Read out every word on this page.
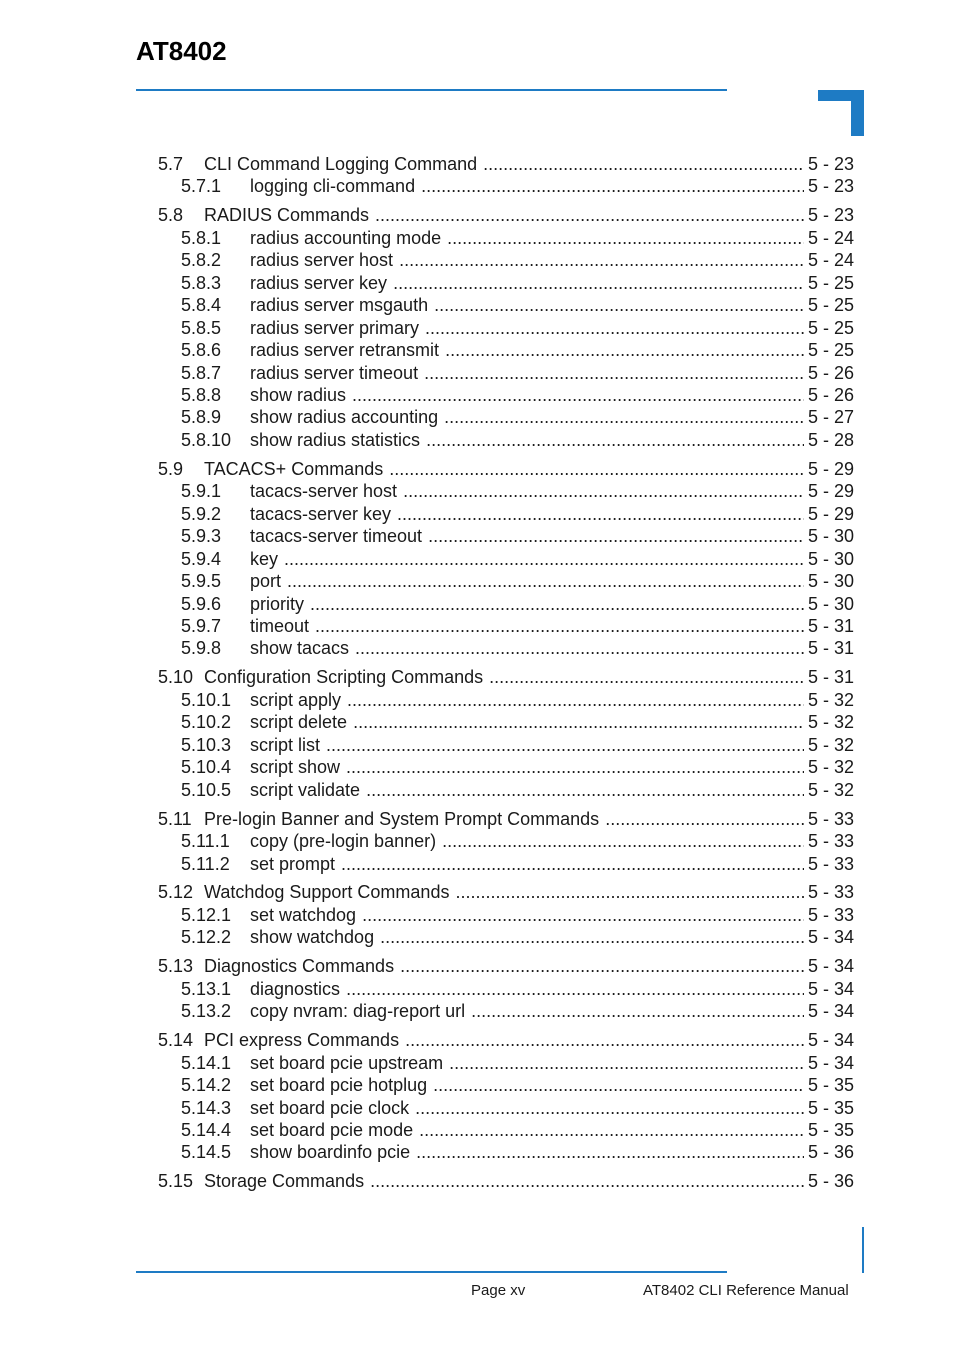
AT8402
5.7	CLI Command Logging Command .....	5 - 23
5.7.1	logging cli-command .....	5 - 23
5.8	RADIUS Commands .....	5 - 23
5.8.1	radius accounting mode .....	5 - 24
5.8.2	radius server host .....	5 - 24
5.8.3	radius server key .....	5 - 25
5.8.4	radius server msgauth .....	5 - 25
5.8.5	radius server primary .....	5 - 25
5.8.6	radius server retransmit .....	5 - 25
5.8.7	radius server timeout .....	5 - 26
5.8.8	show radius .....	5 - 26
5.8.9	show radius accounting .....	5 - 27
5.8.10	show radius statistics .....	5 - 28
5.9	TACACS+ Commands .....	5 - 29
5.9.1	tacacs-server host .....	5 - 29
5.9.2	tacacs-server key .....	5 - 29
5.9.3	tacacs-server timeout .....	5 - 30
5.9.4	key .....	5 - 30
5.9.5	port .....	5 - 30
5.9.6	priority .....	5 - 30
5.9.7	timeout .....	5 - 31
5.9.8	show tacacs .....	5 - 31
5.10 Configuration Scripting Commands .....	5 - 31
5.10.1	script apply .....	5 - 32
5.10.2	script delete .....	5 - 32
5.10.3	script list .....	5 - 32
5.10.4	script show .....	5 - 32
5.10.5	script validate .....	5 - 32
5.11 Pre-login Banner and System Prompt Commands .....	5 - 33
5.11.1	copy (pre-login banner) .....	5 - 33
5.11.2	set prompt .....	5 - 33
5.12 Watchdog Support Commands .....	5 - 33
5.12.1	set watchdog .....	5 - 33
5.12.2	show watchdog .....	5 - 34
5.13 Diagnostics Commands .....	5 - 34
5.13.1	diagnostics .....	5 - 34
5.13.2	copy nvram: diag-report url .....	5 - 34
5.14 PCI express Commands .....	5 - 34
5.14.1	set board pcie upstream .....	5 - 34
5.14.2	set board pcie hotplug .....	5 - 35
5.14.3	set board pcie clock .....	5 - 35
5.14.4	set board pcie mode .....	5 - 35
5.14.5	show boardinfo pcie .....	5 - 36
5.15 Storage Commands .....	5 - 36
Page xv	AT8402 CLI Reference Manual
